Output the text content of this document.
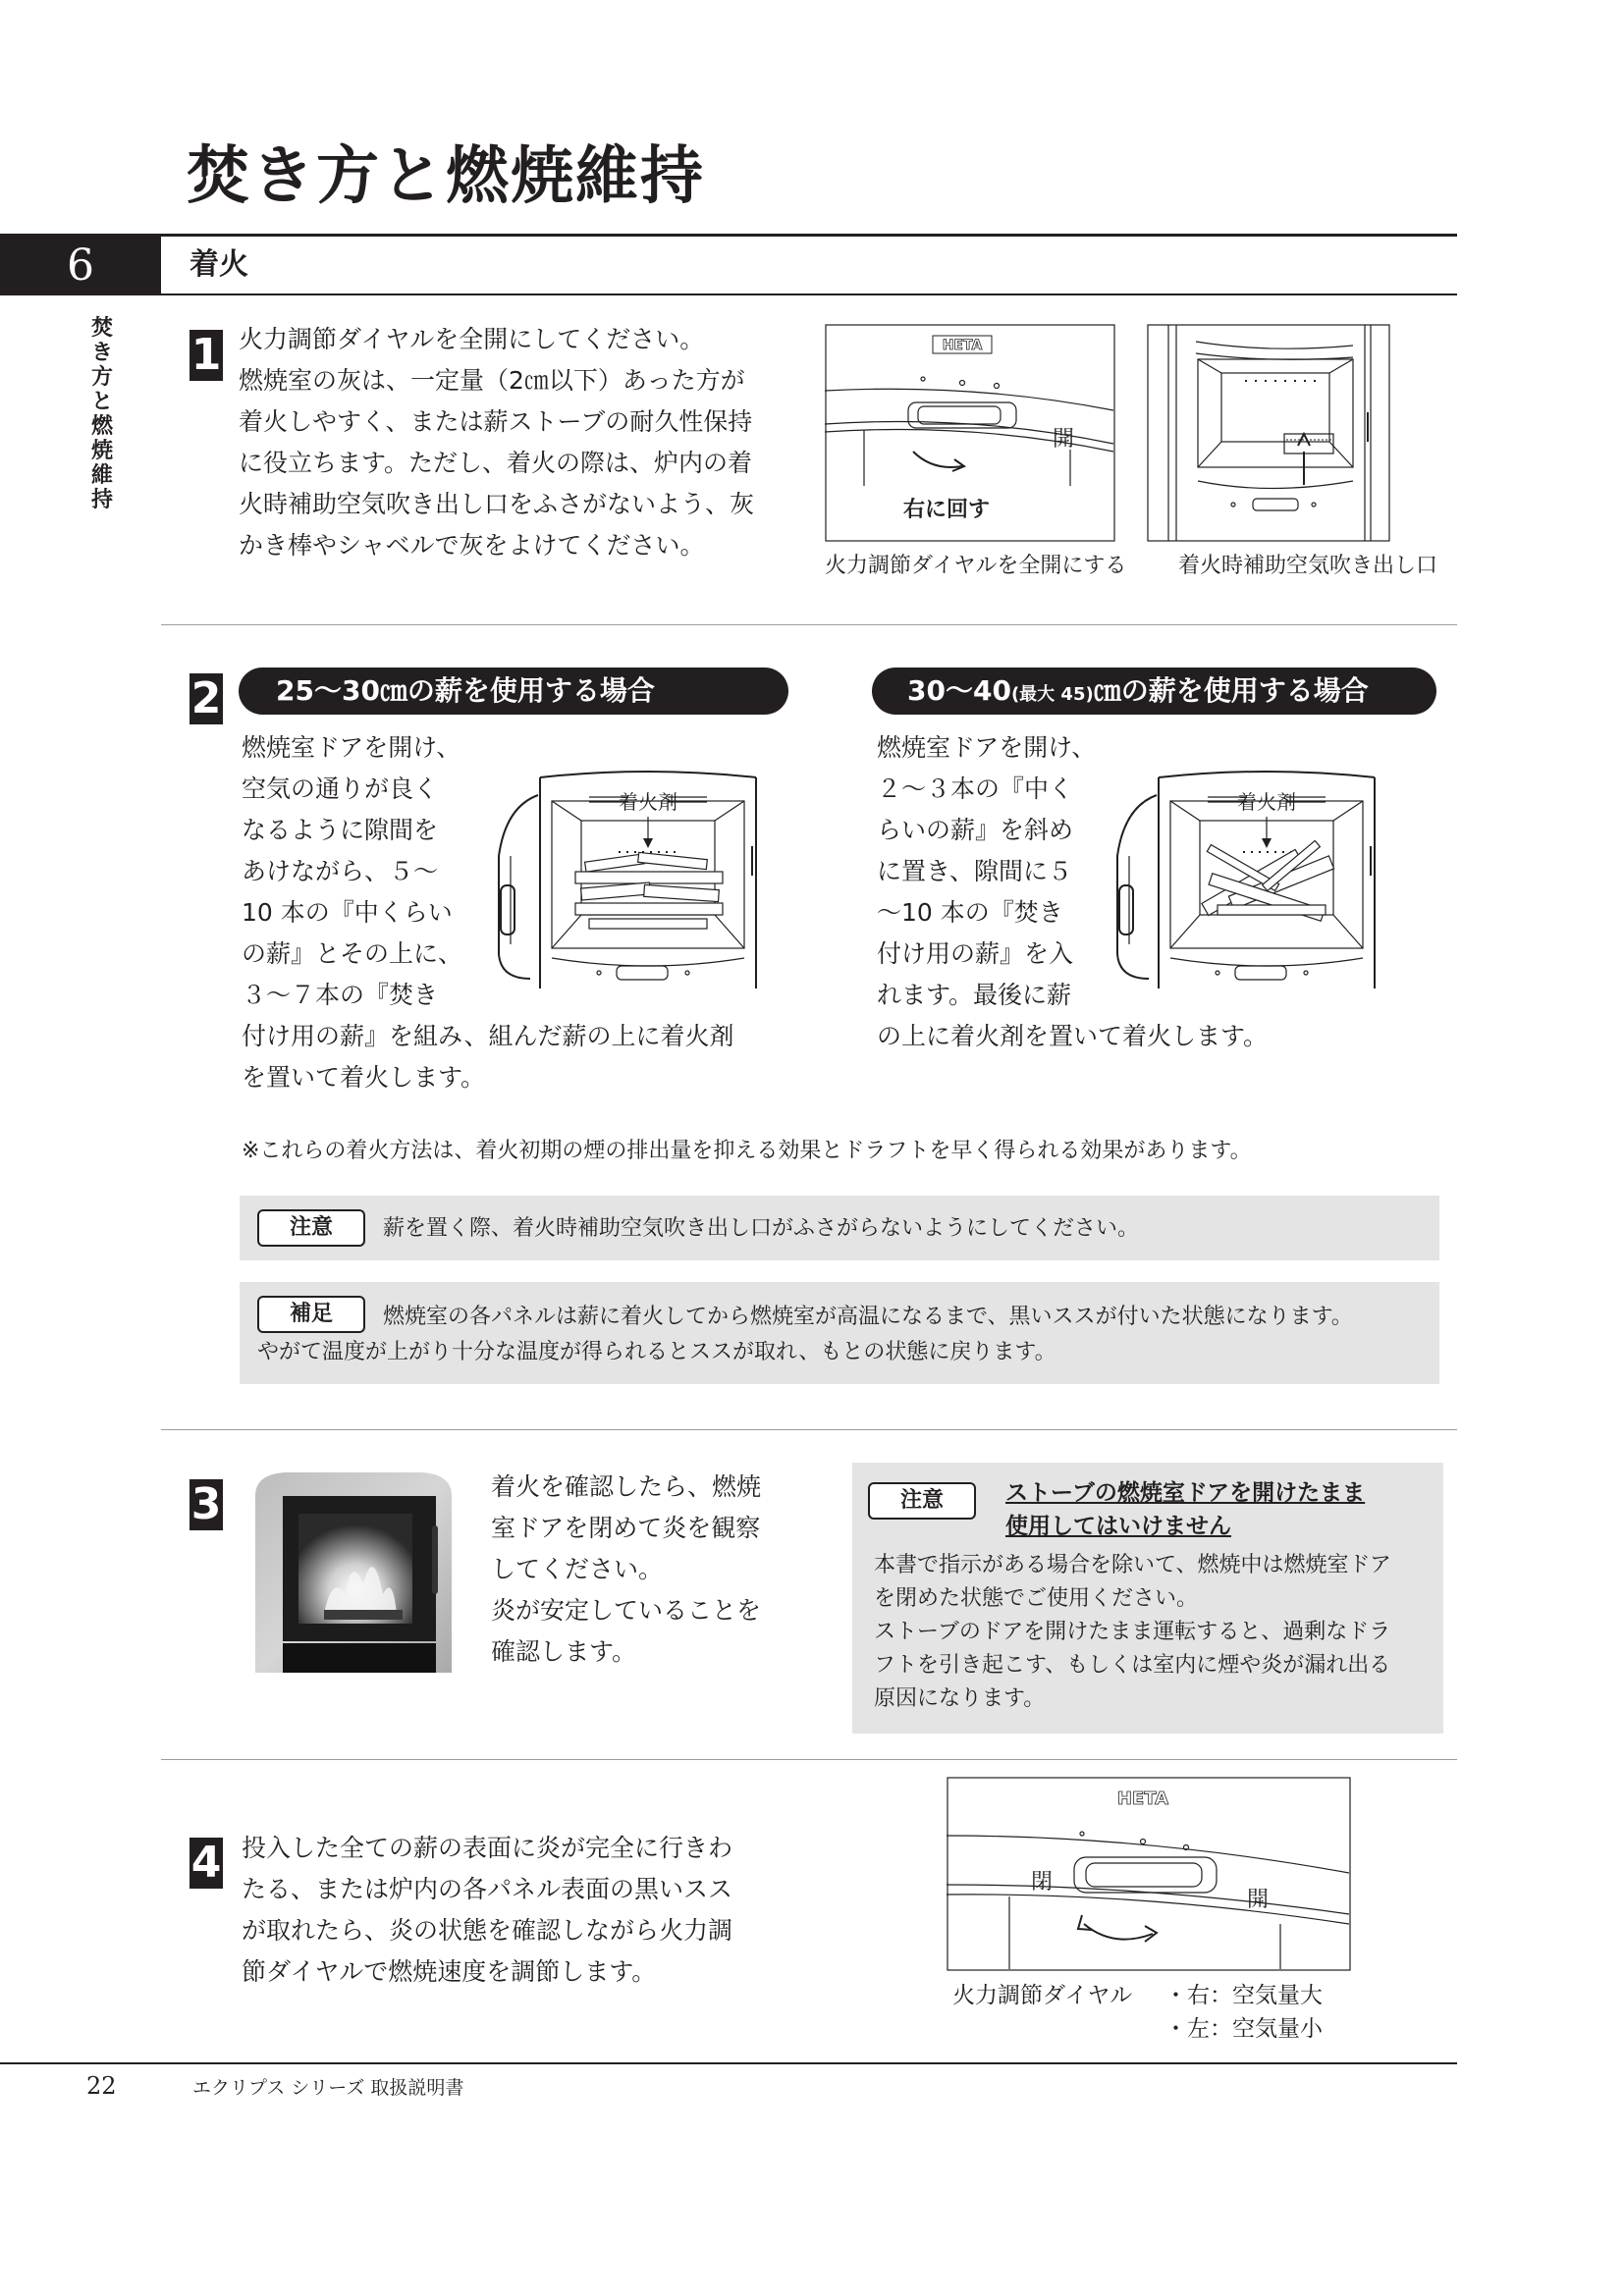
焚き方と燃焼維持
6	着火
焚
き
方
と
燃
焼
維
持
1 火力調節ダイヤルを全開にしてください。
燃焼室の灰は、一定量（2㎝以下）あった方が
着火しやすく、または薪ストーブの耐久性保持
に役立ちます。ただし、着火の際は、炉内の着
火時補助空気吹き出し口をふさがないよう、灰
かき棒やシャベルで灰をよけてください。
HETA
開
右に回す
火力調節ダイヤルを全開にする 着火時補助空気吹き出し口
2	25～30㎝の薪を使用する場合	30～40(最大 45)㎝の薪を使用する場合
燃焼室ドアを開け、
空気の通りが良く
なるように隙間を
あけながら、５～
10 本の『中くらい
の薪』とその上に、
３～７本の『焚き
付け用の薪』を組み、組んだ薪の上に着火剤
を置いて着火します。
着火剤
燃焼室ドアを開け、
２～３本の『中く
らいの薪』を斜め
に置き、隙間に５
～10 本の『焚き
付け用の薪』を入
れます。最後に薪
の上に着火剤を置いて着火します。
着火剤
※これらの着火方法は、着火初期の煙の排出量を抑える効果とドラフトを早く得られる効果があります。
注意	薪を置く際、着火時補助空気吹き出し口がふさがらないようにしてください。
補足	燃焼室の各パネルは薪に着火してから燃焼室が高温になるまで、黒いススが付いた状態になります。
やがて温度が上がり十分な温度が得られるとススが取れ、もとの状態に戻ります。
3	着火を確認したら、燃焼
室ドアを閉めて炎を観察
してください。
炎が安定していることを
確認します。
注意	ストーブの燃焼室ドアを開けたまま
使用してはいけません
本書で指示がある場合を除いて、燃焼中は燃焼室ドア
を閉めた状態でご使用ください。
ストーブのドアを開けたまま運転すると、過剰なドラ
フトを引き起こす、もしくは室内に煙や炎が漏れ出る
原因になります。
4 投入した全ての薪の表面に炎が完全に行きわ
たる、または炉内の各パネル表面の黒いスス
が取れたら、炎の状態を確認しながら火力調
節ダイヤルで燃焼速度を調節します。
HETA
閉
開
火力調節ダイヤル ・右：空気量大
・左：空気量小
22	エクリプス シリーズ 取扱説明書
